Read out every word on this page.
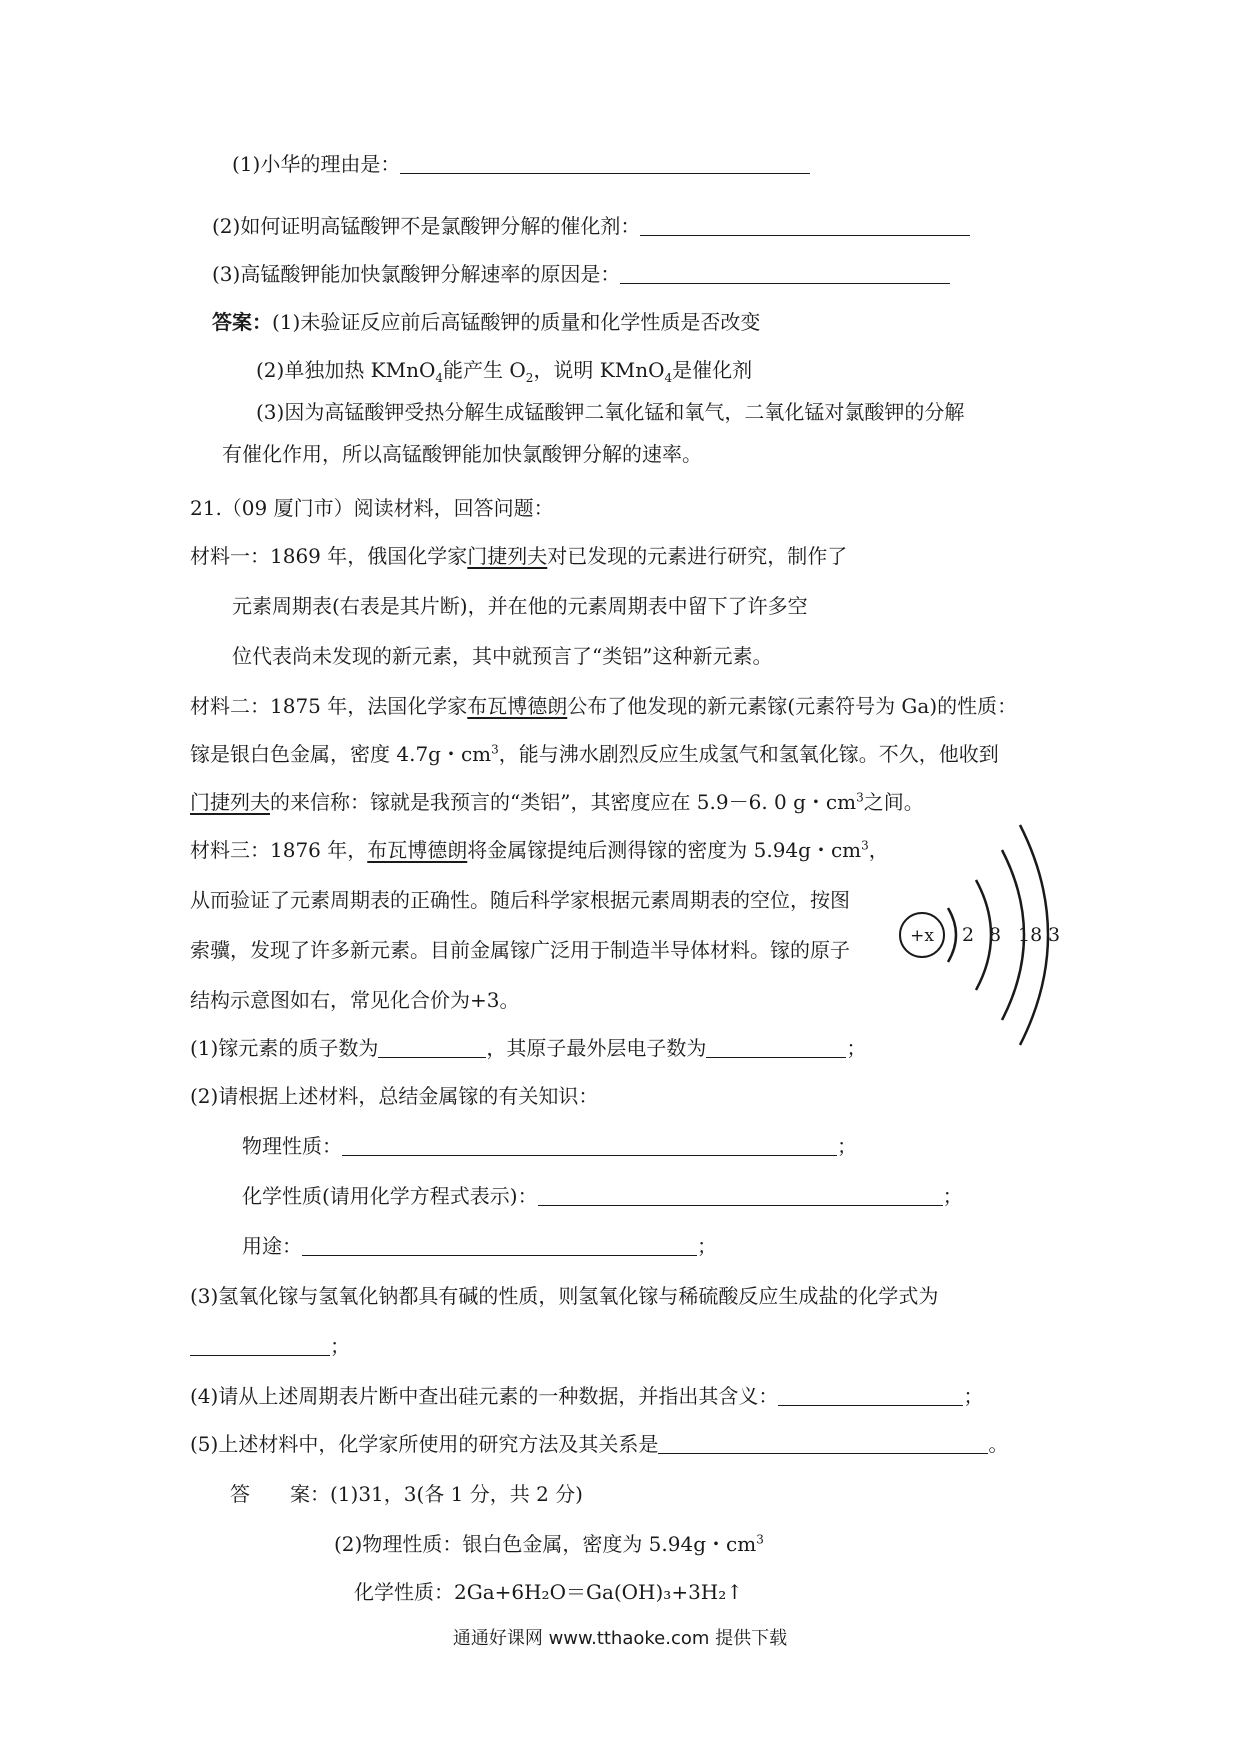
(1)小华的理由是：
(2)如何证明高锰酸钾不是氯酸钾分解的催化剂：
(3)高锰酸钾能加快氯酸钾分解速率的原因是：
答案：(1)未验证反应前后高锰酸钾的质量和化学性质是否改变
(2)单独加热 KMnO$_4$能产生 $O_2$，说明 KMnO$_4$是催化剂
(3)因为高锰酸钾受热分解生成锰酸钾二氧化锰和氧气，二氧化锰对氯酸钾的分解
有催化作用，所以高锰酸钾能加快氯酸钾分解的速率。
21.（09 厦门市）阅读材料，回答问题：
材料一：1869 年，俄国化学家门捷列夫对已发现的元素进行研究，制作了
元素周期表(右表是其片断)，并在他的元素周期表中留下了许多空
位代表尚未发现的新元素，其中就预言了“类铝”这种新元素。
材料二：1875 年，法国化学家布瓦博德朗公布了他发现的新元素镓(元素符号为 Ga)的性质：
镓是银白色金属，密度 4.7g・$cm^3$，能与沸水剧烈反应生成氢气和氢氧化镓。不久，他收到
门捷列夫的来信称：镓就是我预言的“类铝”，其密度应在 5.9－6. 0 g・$cm^3$之间。
材料三：1876 年，布瓦博德朗将金属镓提纯后测得镓的密度为 5.94g・$cm^3$，
从而验证了元素周期表的正确性。随后科学家根据元素周期表的空位，按图
索骥，发现了许多新元素。目前金属镓广泛用于制造半导体材料。镓的原子
结构示意图如右，常见化合价为+3。
+x 2 8 18 3
(1)镓元素的质子数为	，其原子最外层电子数为	；
(2)请根据上述材料，总结金属镓的有关知识：
物理性质：	；
化学性质(请用化学方程式表示)：	；
用途：	；
(3)氢氧化镓与氢氧化钠都具有碱的性质，则氢氧化镓与稀硫酸反应生成盐的化学式为
；
(4)请从上述周期表片断中查出硅元素的一种数据，并指出其含义：	；
(5)上述材料中，化学家所使用的研究方法及其关系是	。
答　　案：(1)31，3(各 1 分，共 2 分)
(2)物理性质：银白色金属，密度为 5.94g・$cm^3$
化学性质：2Ga+6H₂O＝Ga(OH)₃+3H₂↑
通通好课网 www.tthaoke.com 提供下载
